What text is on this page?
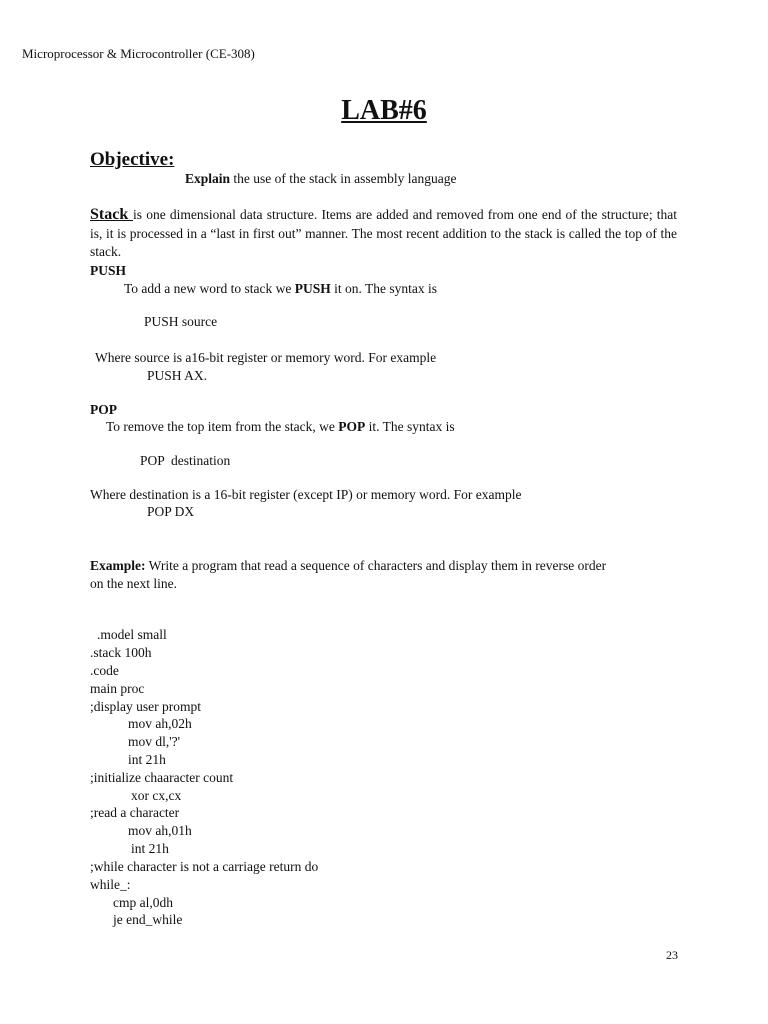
Microprocessor & Microcontroller (CE-308)
LAB#6
Objective:
Explain the use of the stack in assembly language
Stack is one dimensional data structure. Items are added and removed from one end of the structure; that is, it is processed in a “last in first out” manner. The most recent addition to the stack is called the top of the stack.
PUSH
To add a new word to stack we PUSH it on. The syntax is
PUSH source
Where source is a16-bit register or memory word. For example
PUSH AX.
POP
To remove the top item from the stack, we POP it. The syntax is
POP  destination
Where destination is a 16-bit register (except IP) or memory word. For example
POP DX
Example: Write a program that read a sequence of characters and display them in reverse order
on the next line.
.model small
.stack 100h
.code
main proc
;display user prompt
mov ah,02h
mov dl,'?'
int 21h
;initialize chaaracter count
xor cx,cx
;read a character
mov ah,01h
int 21h
;while character is not a carriage return do
while_:
cmp al,0dh
je end_while
23
